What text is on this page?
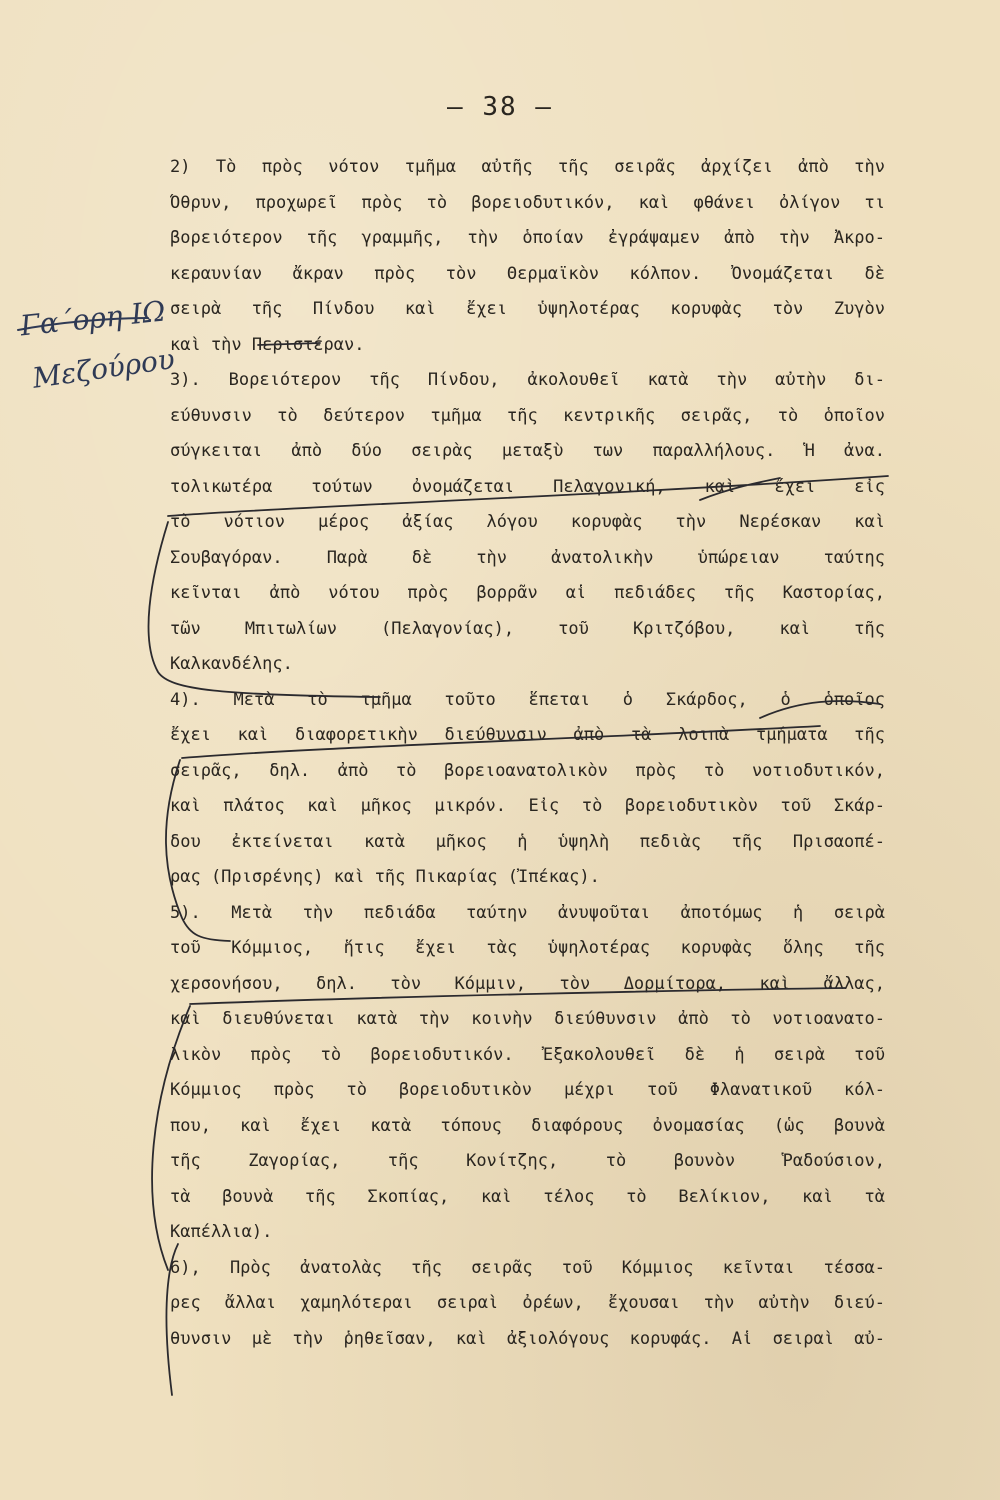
— 38 —
Γα΄ορη ΙΩ
Μεζούρου
2) Τὸ πρὸς νότον τμῆμα αὐτῆς τῆς σειρᾶς ἀρχίζει ἀπὸ τὴν
Ὄθρυν, προχωρεῖ πρὸς τὸ βορειοδυτικόν, καὶ φθάνει ὀλίγον τι
βορειότερον τῆς γραμμῆς, τὴν ὁποίαν ἐγράψαμεν ἀπὸ τὴν Ἀκρο-
κεραυνίαν ἄκραν πρὸς τὸν Θερμαϊκὸν κόλπον. Ὀνομάζεται δὲ
σειρὰ τῆς Πίνδου καὶ ἔχει ὑψηλοτέρας κορυφὰς τὸν Ζυγὸν
καὶ τὴν Περιστέραν.
3). Βορειότερον τῆς Πίνδου, ἀκολουθεῖ κατὰ τὴν αὐτὴν δι-
εύθυνσιν τὸ δεύτερον τμῆμα τῆς κεντρικῆς σειρᾶς, τὸ ὁποῖον
σύγκειται ἀπὸ δύο σειρὰς μεταξὺ των παραλλήλους. Ἡ ἀνα.
τολικωτέρα τούτων ὀνομάζεται Πελαγονική, καὶ ἔχει εἰς
τὸ νότιον μέρος ἀξίας λόγου κορυφὰς τὴν Νερέσκαν καὶ
Σουβαγόραν. Παρὰ δὲ τὴν ἀνατολικὴν ὑπώρειαν ταύτης
κεῖνται ἀπὸ νότου πρὸς βορρᾶν αἱ πεδιάδες τῆς Καστορίας,
τῶν Μπιτωλίων (Πελαγονίας), τοῦ Κριτζόβου, καὶ τῆς
Καλκανδέλης.
4). Μετὰ τὸ τμῆμα τοῦτο ἕπεται ὁ Σκάρδος, ὁ ὁποῖος
ἔχει καὶ διαφορετικὴν διεύθυνσιν ἀπὸ τὰ λοιπὰ τμήματα τῆς
σειρᾶς, δηλ. ἀπὸ τὸ βορειοανατολικὸν πρὸς τὸ νοτιοδυτικόν,
καὶ πλάτος καὶ μῆκος μικρόν. Εἰς τὸ βορειοδυτικὸν τοῦ Σκάρ-
δου ἐκτείνεται κατὰ μῆκος ἡ ὑψηλὴ πεδιὰς τῆς Πρισαοπέ-
ρας (Πρισρένης) καὶ τῆς Πικαρίας (Ἰπέκας).
5). Μετὰ τὴν πεδιάδα ταύτην ἀνυψοῦται ἀποτόμως ἡ σειρὰ
τοῦ Κόμμιος, ἥτις ἔχει τὰς ὑψηλοτέρας κορυφὰς ὅλης τῆς
χερσονήσου, δηλ. τὸν Κόμμιν, τὸν Δορμίτορα, καὶ ἄλλας,
καὶ διευθύνεται κατὰ τὴν κοινὴν διεύθυνσιν ἀπὸ τὸ νοτιοανατο-
λικὸν πρὸς τὸ βορειοδυτικόν. Ἐξακολουθεῖ δὲ ἡ σειρὰ τοῦ
Κόμμιος πρὸς τὸ βορειοδυτικὸν μέχρι τοῦ Φλανατικοῦ κόλ-
που, καὶ ἔχει κατὰ τόπους διαφόρους ὀνομασίας (ὡς βουνὰ
τῆς Ζαγορίας, τῆς Κονίτζης, τὸ βουνὸν Ῥαδούσιον,
τὰ βουνὰ τῆς Σκοπίας, καὶ τέλος τὸ Βελίκιον, καὶ τὰ
Καπέλλια).
6), Πρὸς ἀνατολὰς τῆς σειρᾶς τοῦ Κόμμιος κεῖνται τέσσα-
ρες ἄλλαι χαμηλότεραι σειραὶ ὀρέων, ἔχουσαι τὴν αὐτὴν διεύ-
θυνσιν μὲ τὴν ῥηθεῖσαν, καὶ ἀξιολόγους κορυφάς. Αἱ σειραὶ αὐ-
